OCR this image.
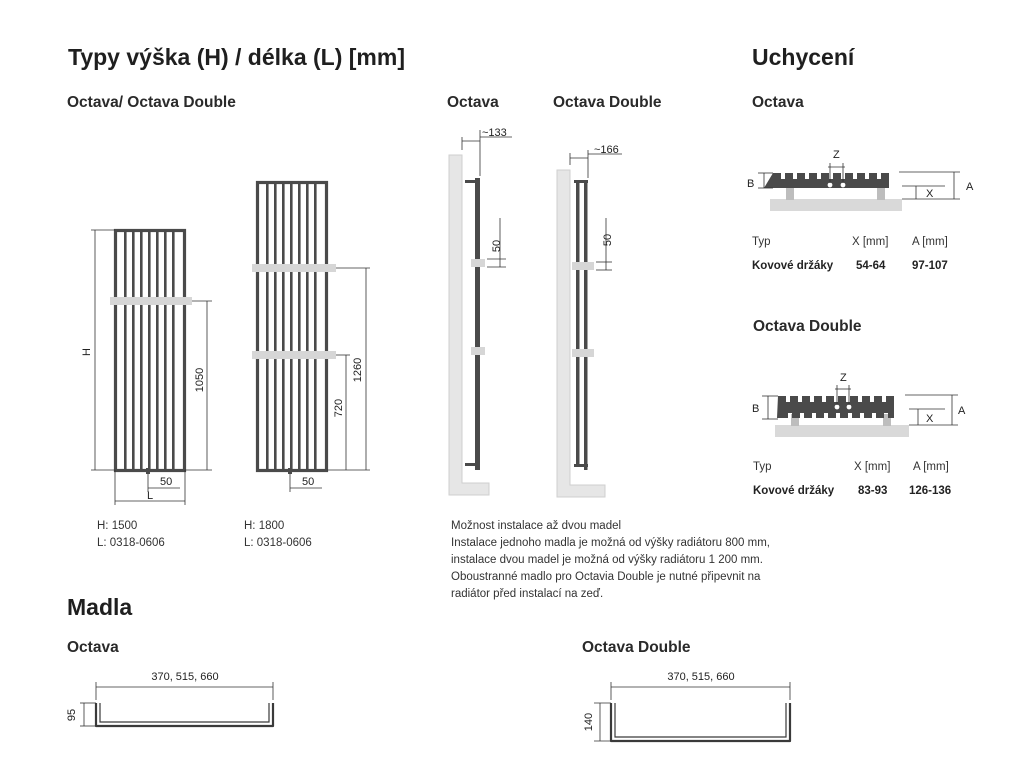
Typy výška (H) / délka (L) [mm]	Uchycení
Madla
Octava/ Octava Double	Octava	Octava Double	Octava
Octava Double
Octava	Octava Double
H
1050
50
L
1260
720
50
~133
50
~166
50
Z
B
X
A
Z
B
X
A
370, 515, 660
95
370, 515, 660
140
H: 1500
L: 0318-0606
H: 1800
L: 0318-0606
Možnost instalace až dvou madel
Instalace jednoho madla je možná od výšky radiátoru 800 mm,
instalace dvou madel je možná od výšky radiátoru 1 200 mm.
Oboustranné madlo pro Octavia Double je nutné připevnit na
radiátor před instalací na zeď.
Typ	X [mm] A [mm]
Kovové držáky 54-64 97-107
Typ	X [mm] A [mm]
Kovové držáky 83-93 126-136
